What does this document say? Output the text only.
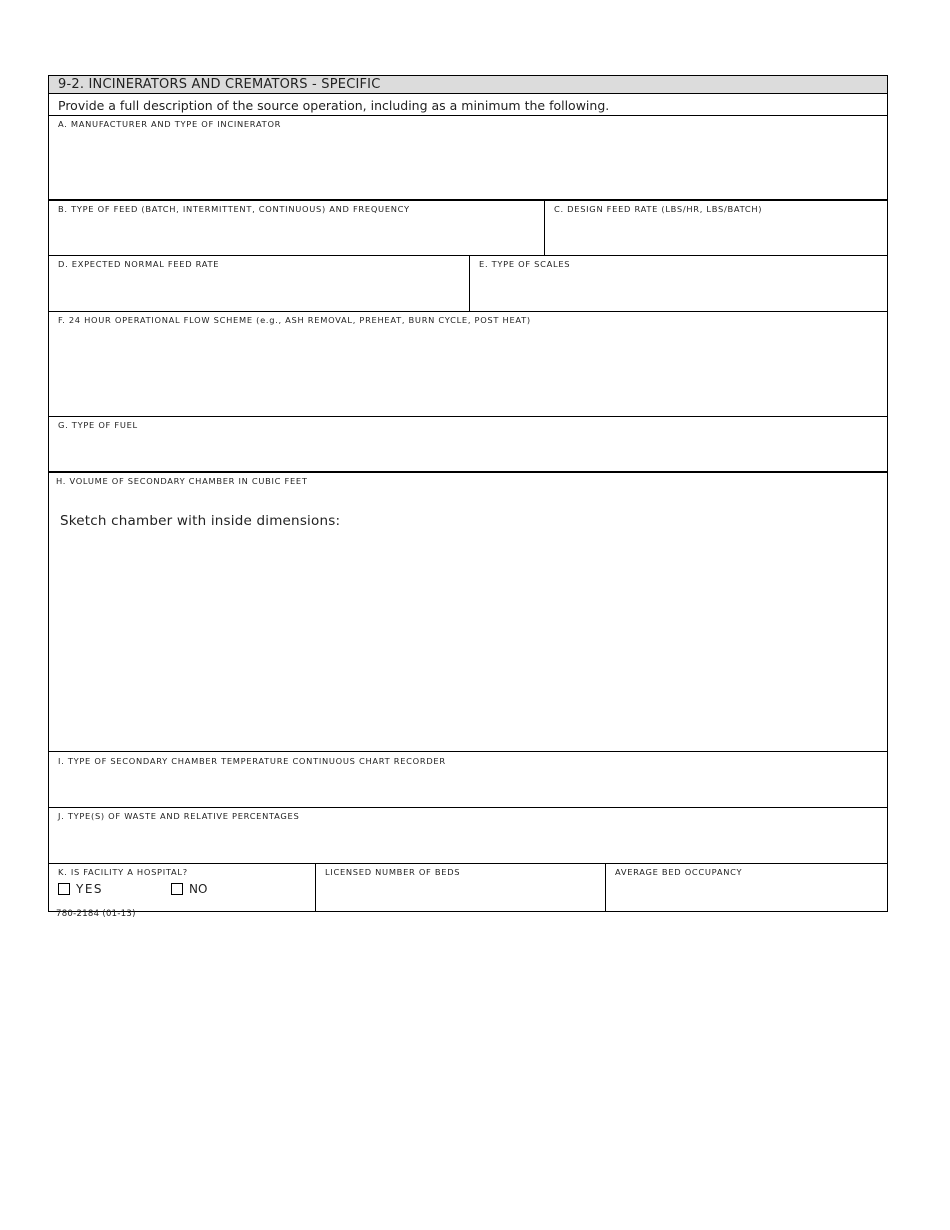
9-2. INCINERATORS AND CREMATORS - SPECIFIC
Provide a full description of the source operation, including as a minimum the following.
A. MANUFACTURER AND TYPE OF INCINERATOR
B. TYPE OF FEED (BATCH, INTERMITTENT, CONTINUOUS) AND FREQUENCY	C. DESIGN FEED RATE (LBS/HR, LBS/BATCH)
D. EXPECTED NORMAL FEED RATE	E. TYPE OF SCALES
F. 24 HOUR OPERATIONAL FLOW SCHEME (e.g., ASH REMOVAL, PREHEAT, BURN CYCLE, POST HEAT)
G. TYPE OF FUEL
H. VOLUME OF SECONDARY CHAMBER IN CUBIC FEET
Sketch chamber with inside dimensions:
I. TYPE OF SECONDARY CHAMBER TEMPERATURE CONTINUOUS CHART RECORDER
J. TYPE(S) OF WASTE AND RELATIVE PERCENTAGES
K. IS FACILITY A HOSPITAL?
YES	NO
LICENSED NUMBER OF BEDS	AVERAGE BED OCCUPANCY
780-2184 (01-13)
